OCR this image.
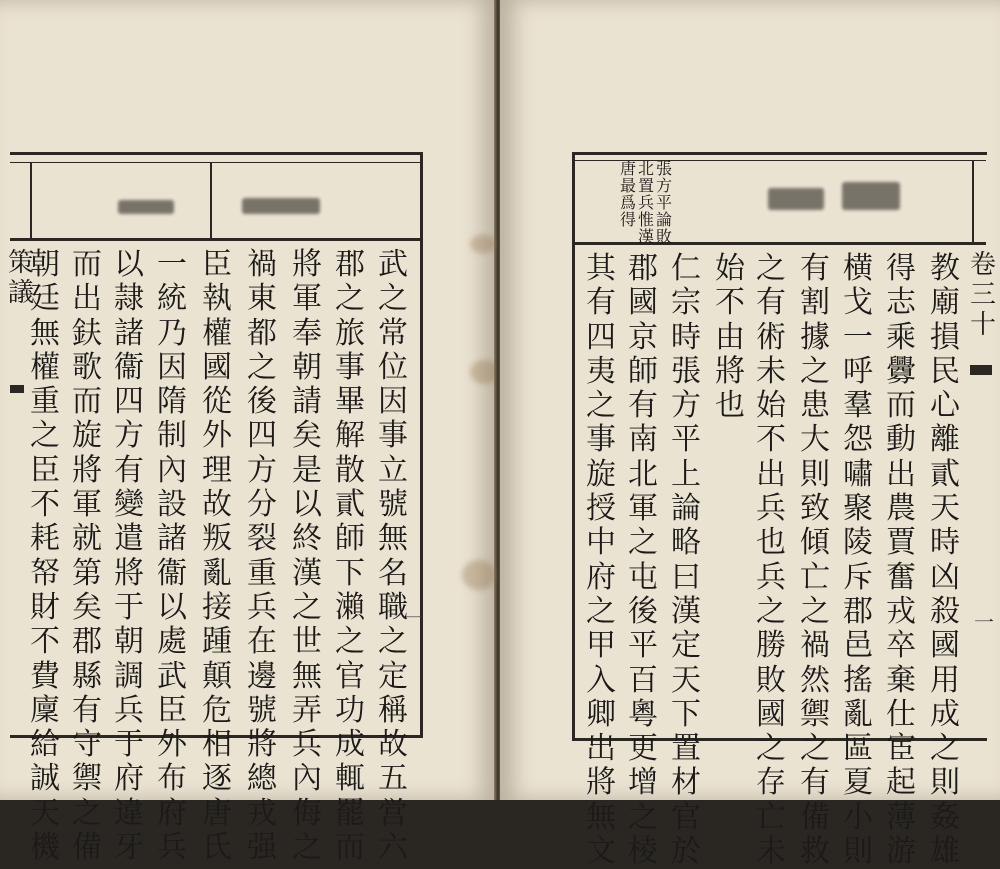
策
議
一
武
之
常
位
因
事
立
號
無
名
職
之
定
稱
故
五
営
六
郡
之
旅
事
畢
解
散
貳
師
下
瀨
之
官
功
成
輒
罷
而
將
軍
奉
朝
請
矣
是
以
終
漢
之
世
無
弄
兵
內
侮
之
禍
東
都
之
後
四
方
分
裂
重
兵
在
邊
號
將
總
戎
强
臣
執
權
國
從
外
理
故
叛
亂
接
踵
顛
危
相
逐
唐
氏
一
統
乃
因
隋
制
內
設
諸
衞
以
處
武
臣
外
布
府
兵
以
隷
諸
衞
四
方
有
變
遣
將
于
朝
調
兵
于
府
違
牙
而
出
鈇
歌
而
旋
將
軍
就
第
矣
郡
縣
有
守
禦
之
備
朝
廷
無
權
重
之
臣
不
耗
帑
財
不
費
廩
給
誠
天
機
張
方
平
論
敗
北
置
兵
惟
漢
唐
最
爲
得
卷
三
十
一
教
廟
損
民
心
離
貳
天
時
凶
殺
國
用
成
之
則
姦
雄
得
志
乘
釁
而
動
出
農
賈
奮
戎
卒
棄
仕
宦
起
薄
游
横
戈
一
呼
羣
怨
嘯
聚
陵
斥
郡
邑
搖
亂
區
夏
小
則
有
割
據
之
患
大
則
致
傾
亡
之
禍
然
禦
之
有
備
救
之
有
術
未
始
不
出
兵
也
兵
之
勝
敗
國
之
存
亡
未
始
不
由
將
也
仁
宗
時
張
方
平
上
論
略
曰
漢
定
天
下
置
材
官
於
郡
國
京
師
有
南
北
軍
之
屯
後
平
百
粵
更
增
之
棱
其
有
四
夷
之
事
旋
授
中
府
之
甲
入
卿
出
將
無
文
